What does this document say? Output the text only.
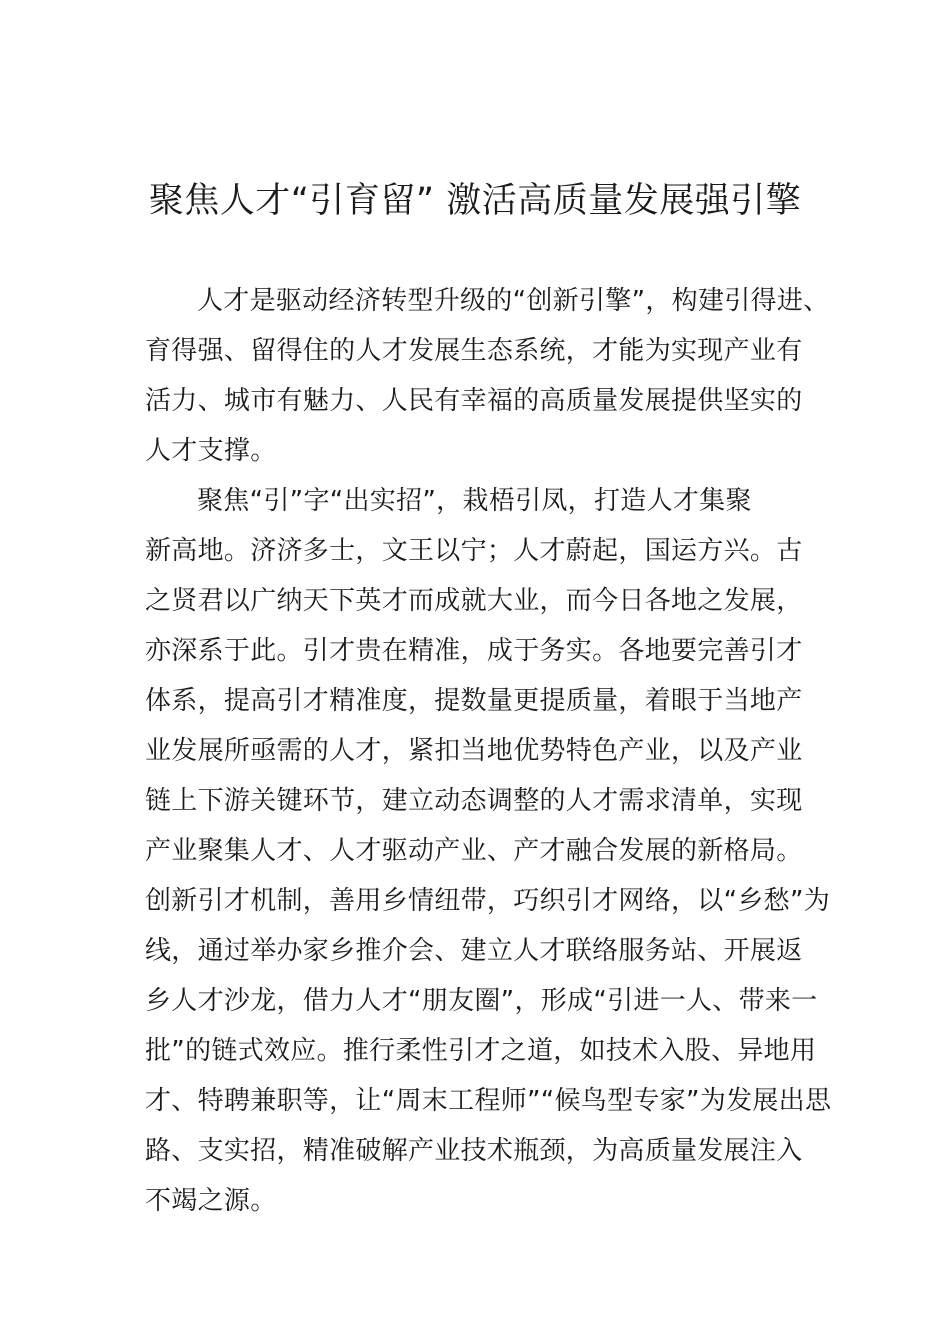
聚焦人才“引育留” 激活高质量发展强引擎
人才是驱动经济转型升级的“创新引擎”，构建引得进、
育得强、留得住的人才发展生态系统，才能为实现产业有
活力、城市有魅力、人民有幸福的高质量发展提供坚实的
人才支撑。
聚焦“引”字“出实招”，栽梧引凤，打造人才集聚
新高地。济济多士，文王以宁；人才蔚起，国运方兴。古
之贤君以广纳天下英才而成就大业，而今日各地之发展，
亦深系于此。引才贵在精准，成于务实。各地要完善引才
体系，提高引才精准度，提数量更提质量，着眼于当地产
业发展所亟需的人才，紧扣当地优势特色产业，以及产业
链上下游关键环节，建立动态调整的人才需求清单，实现
产业聚集人才、人才驱动产业、产才融合发展的新格局。
创新引才机制，善用乡情纽带，巧织引才网络，以“乡愁”为
线，通过举办家乡推介会、建立人才联络服务站、开展返
乡人才沙龙，借力人才“朋友圈”，形成“引进一人、带来一
批”的链式效应。推行柔性引才之道，如技术入股、异地用
才、特聘兼职等，让“周末工程师”“候鸟型专家”为发展出思
路、支实招，精准破解产业技术瓶颈，为高质量发展注入
不竭之源。
